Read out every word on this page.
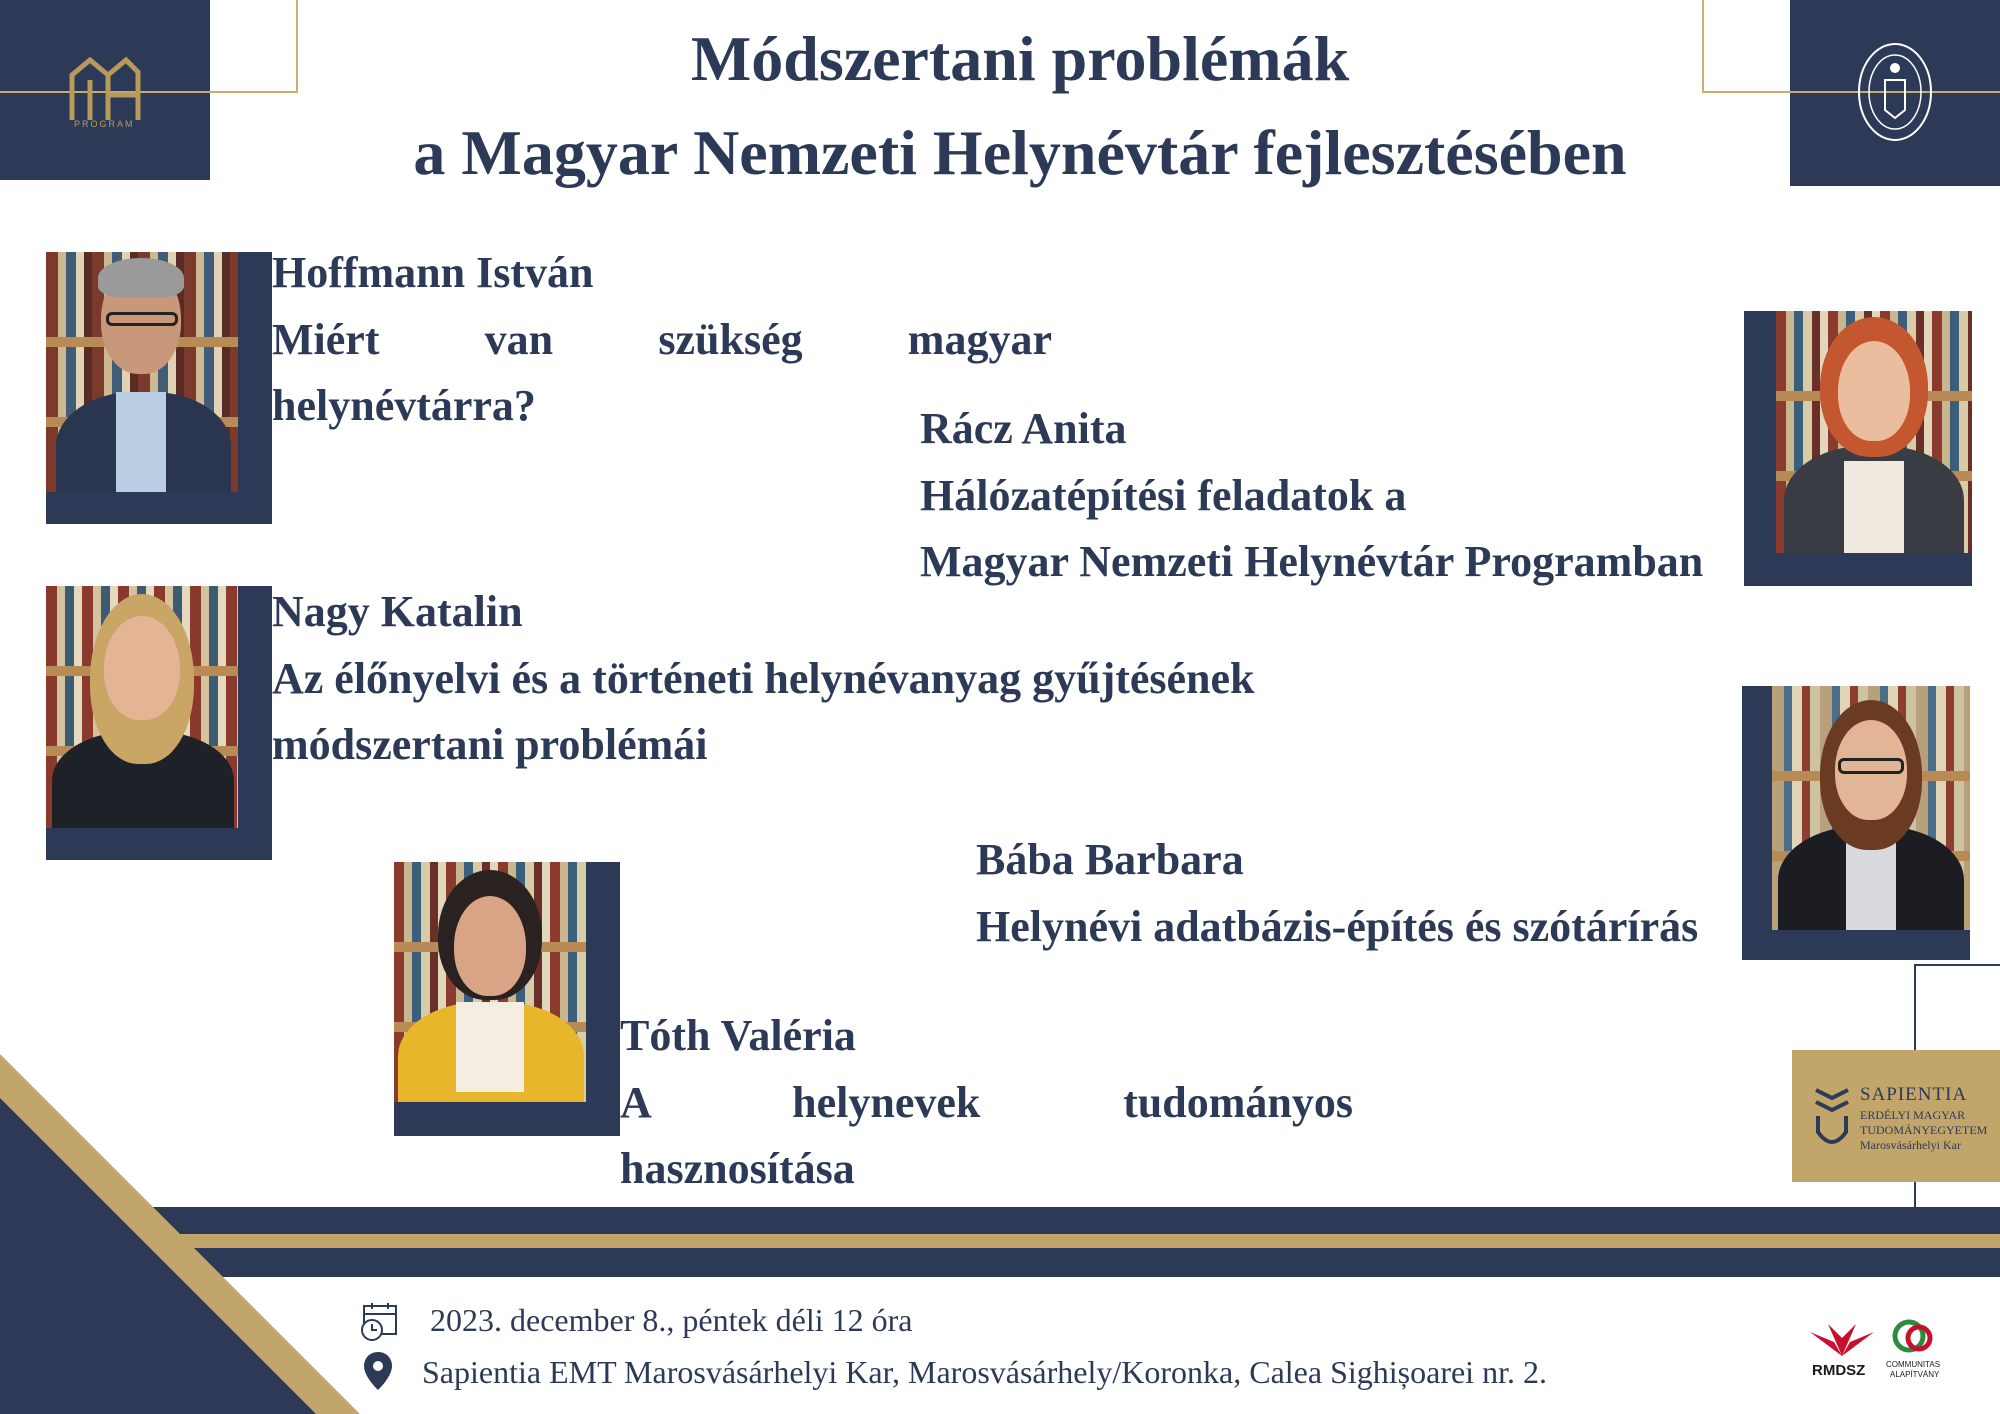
PROGRAM
Módszertani problémák
a Magyar Nemzeti Helynévtár fejlesztésében
Hoffmann István
Miért van szükség magyar
helynévtárra?	Rácz Anita
Hálózatépítési feladatok a
Magyar Nemzeti Helynévtár Programban
Nagy Katalin
Az élőnyelvi és a történeti helynévanyag gyűjtésének
módszertani problémái
Bába Barbara
Helynévi adatbázis-építés és szótárírás
Tóth Valéria
A helynevek tudományos
hasznosítása
SAPIENTIA
ERDÉLYI MAGYAR
TUDOMÁNYEGYETEM
Marosvásárhelyi Kar
2023. december 8., péntek déli 12 óra
Sapientia EMT Marosvásárhelyi Kar, Marosvásárhely/Koronka, Calea Sighișoarei nr. 2.	RMDSZ	COMMUNITAS
ALAPÍTVÁNY
